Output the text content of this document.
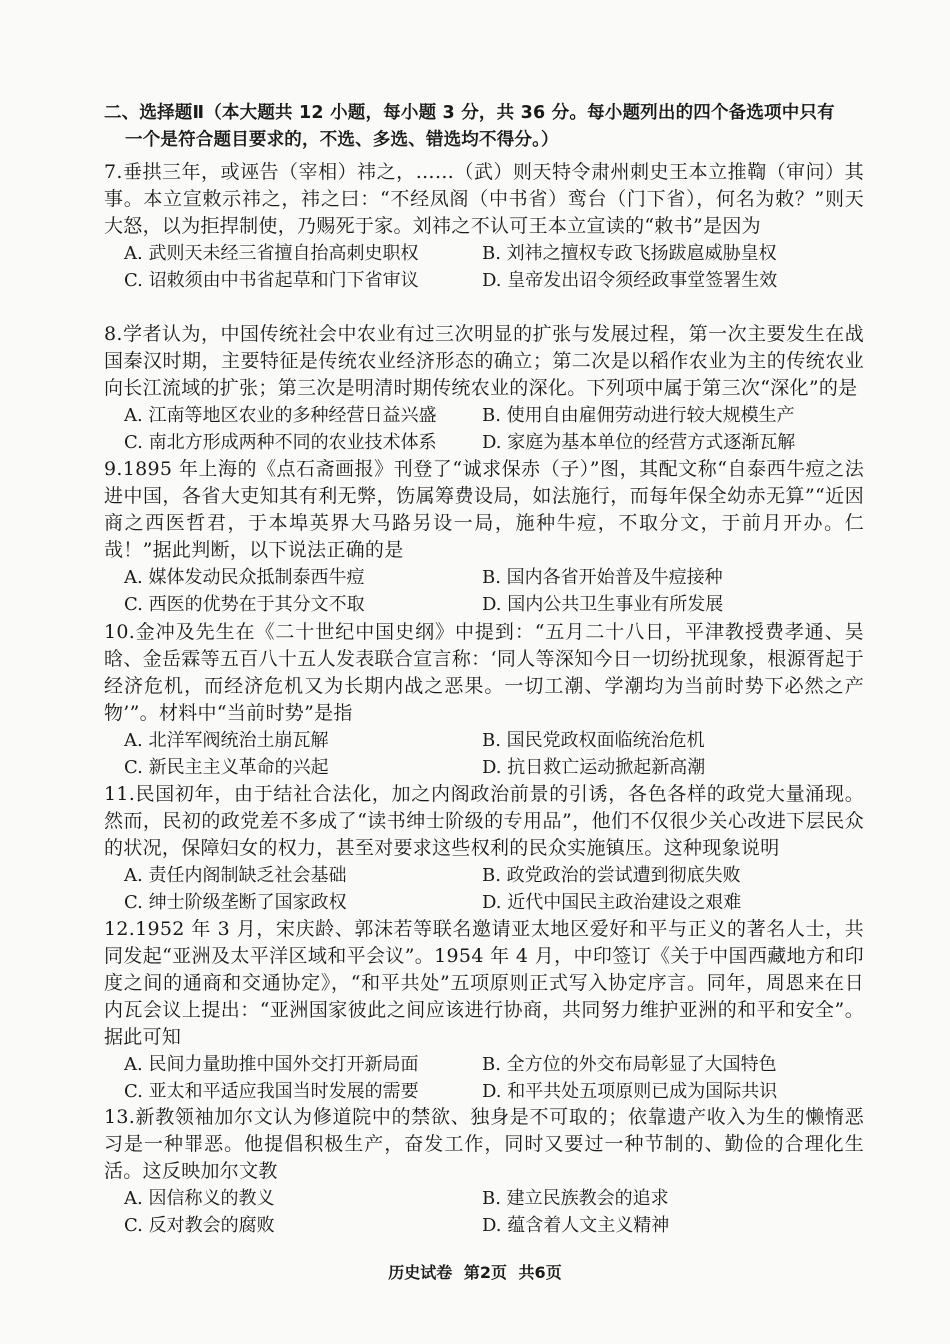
二、选择题Ⅱ（本大题共 12 小题，每小题 3 分，共 36 分。每小题列出的四个备选项中只有
一个是符合题目要求的，不选、多选、错选均不得分。）
7.垂拱三年，或诬告（宰相）祎之，……（武）则天特令肃州刺史王本立推鞫（审问）其事。本立宣敕示祎之，祎之曰：“不经凤阁（中书省）鸾台（门下省），何名为敕？”则天大怒，以为拒捍制使，乃赐死于家。刘祎之不认可王本立宣读的“敕书”是因为
A. 武则天未经三省擅自抬高刺史职权	B. 刘祎之擅权专政飞扬跋扈威胁皇权
C. 诏敕须由中书省起草和门下省审议	D. 皇帝发出诏令须经政事堂签署生效
8.学者认为，中国传统社会中农业有过三次明显的扩张与发展过程，第一次主要发生在战国秦汉时期，主要特征是传统农业经济形态的确立；第二次是以稻作农业为主的传统农业向长江流域的扩张；第三次是明清时期传统农业的深化。下列项中属于第三次“深化”的是
A. 江南等地区农业的多种经营日益兴盛	B. 使用自由雇佣劳动进行较大规模生产
C. 南北方形成两种不同的农业技术体系	D. 家庭为基本单位的经营方式逐渐瓦解
9.1895 年上海的《点石斋画报》刊登了“诚求保赤（子）”图，其配文称“自泰西牛痘之法进中国，各省大吏知其有利无弊，饬属筹费设局，如法施行，而每年保全幼赤无算”“近因商之西医哲君，于本埠英界大马路另设一局，施种牛痘，不取分文，于前月开办。仁哉！”据此判断，以下说法正确的是
A. 媒体发动民众抵制泰西牛痘	B. 国内各省开始普及牛痘接种
C. 西医的优势在于其分文不取	D. 国内公共卫生事业有所发展
10.金冲及先生在《二十世纪中国史纲》中提到：“五月二十八日，平津教授费孝通、吴晗、金岳霖等五百八十五人发表联合宣言称：‘同人等深知今日一切纷扰现象，根源胥起于经济危机，而经济危机又为长期内战之恶果。一切工潮、学潮均为当前时势下必然之产物’”。材料中“当前时势”是指
A. 北洋军阀统治土崩瓦解	B. 国民党政权面临统治危机
C. 新民主主义革命的兴起	D. 抗日救亡运动掀起新高潮
11.民国初年，由于结社合法化，加之内阁政治前景的引诱，各色各样的政党大量涌现。然而，民初的政党差不多成了“读书绅士阶级的专用品”，他们不仅很少关心改进下层民众的状况，保障妇女的权力，甚至对要求这些权利的民众实施镇压。这种现象说明
A. 责任内阁制缺乏社会基础	B. 政党政治的尝试遭到彻底失败
C. 绅士阶级垄断了国家政权	D. 近代中国民主政治建设之艰难
12.1952 年 3 月，宋庆龄、郭沫若等联名邀请亚太地区爱好和平与正义的著名人士，共同发起“亚洲及太平洋区域和平会议”。1954 年 4 月，中印签订《关于中国西藏地方和印度之间的通商和交通协定》，“和平共处”五项原则正式写入协定序言。同年，周恩来在日内瓦会议上提出：“亚洲国家彼此之间应该进行协商，共同努力维护亚洲的和平和安全”。据此可知
A. 民间力量助推中国外交打开新局面	B. 全方位的外交布局彰显了大国特色
C. 亚太和平适应我国当时发展的需要	D. 和平共处五项原则已成为国际共识
13.新教领袖加尔文认为修道院中的禁欲、独身是不可取的；依靠遗产收入为生的懒惰恶习是一种罪恶。他提倡积极生产，奋发工作，同时又要过一种节制的、勤俭的合理化生活。这反映加尔文教
A. 因信称义的教义	B. 建立民族教会的追求
C. 反对教会的腐败	D. 蕴含着人文主义精神
历史试卷 第2页 共6页
